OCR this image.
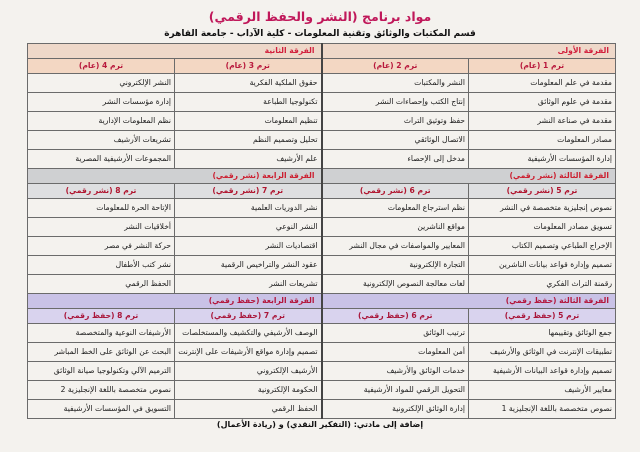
مواد برنامج (النشر والحفظ الرقمي)
قسم المكتبات والوثائق وتقنية المعلومات - كلية الآداب - جامعة القاهرة
الفرقة الأولى		الفرقة الثانية	
ترم 1 (عام)	ترم 2 (عام)	ترم 3 (عام)	ترم 4 (عام)
مقدمة في علم المعلومات	النشر والمكتبات	حقوق الملكية الفكرية	النشر الإلكتروني
مقدمة في علوم الوثائق	إنتاج الكتب وإحصاءات النشر	تكنولوجيا الطباعة	إدارة مؤسسات النشر
مقدمة في صناعة النشر	حفظ وتوثيق التراث	تنظيم المعلومات	نظم المعلومات الإدارية
مصادر المعلومات	الاتصال الوثائقي	تحليل وتصميم النظم	تشريعات الأرشيف
إدارة المؤسسات الأرشيفية	مدخل إلى الإحصاء	علم الأرشيف	المجموعات الأرشيفية المصرية
الفرقة الثالثة (نشر رقمي)		الفرقة الرابعة (نشر رقمي)	
ترم 5 (نشر رقمي)	ترم 6 (نشر رقمي)	ترم 7 (نشر رقمي)	ترم 8 (نشر رقمي)
نصوص إنجليزية متخصصة في النشر	نظم استرجاع المعلومات	نشر الدوريات العلمية	الإتاحة الحرة للمعلومات
تسويق مصادر المعلومات	مواقع الناشرين	النشر النوعي	أخلاقيات النشر
الإخراج الطباعي وتصميم الكتاب	المعايير والمواصفات في مجال النشر	اقتصاديات النشر	حركة النشر في مصر
تصميم وإدارة قواعد بيانات الناشرين	التجارة الإلكترونية	عقود النشر والتراخيص الرقمية	نشر كتب الأطفال
رقمنة التراث الفكري	لغات معالجة النصوص الإلكترونية	تشريعات النشر	الحفظ الرقمي
الفرقة الثالثة (حفظ رقمي)		الفرقة الرابعة (حفظ رقمي)	
ترم 5 (حفظ رقمي)	ترم 6 (حفظ رقمي)	ترم 7 (حفظ رقمي)	ترم 8 (حفظ رقمي)
جمع الوثائق وتقييمها	ترتيب الوثائق	الوصف الأرشيفي والتكشيف والمستخلصات	الأرشيفات النوعية والمتخصصة
تطبيقات الإنترنت في الوثائق والأرشيف	أمن المعلومات	تصميم وإدارة مواقع الأرشيفات على الإنترنت	البحث عن الوثائق على الخط المباشر
تصميم وإدارة قواعد البيانات الأرشيفية	خدمات الوثائق والأرشيف	الأرشيف الإلكتروني	الترميم الآلي وتكنولوجيا صيانة الوثائق
معايير الأرشيف	التحويل الرقمي للمواد الأرشيفية	الحكومة الإلكترونية	نصوص متخصصة باللغة الإنجليزية 2
نصوص متخصصة باللغة الإنجليزية 1	إدارة الوثائق الإلكترونية	الحفظ الرقمي	التسويق في المؤسسات الأرشيفية
إضافة إلى مادتي: (التفكير النقدي) و (ريادة الأعمال)
